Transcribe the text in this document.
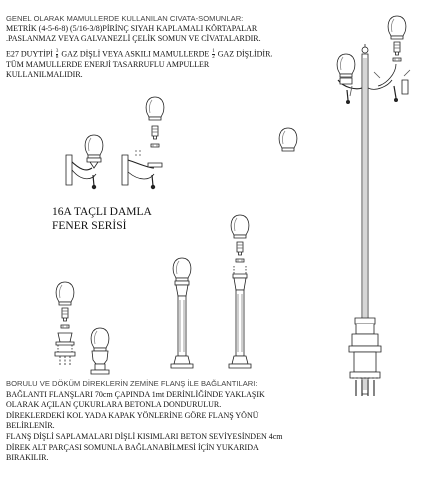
GENEL OLARAK MAMULLERDE KULLANILAN CIVATA-SOMUNLAR:
METRİK (4-5-6-8) (5/16-3/8)PİRİNÇ SIYAH KAPLAMALI KÖRTAPALAR
.PASLANMAZ VEYA GALVANEZLİ ÇELİK SOMUN VE CİVATALARDIR.
E27 DUYTİPİ $\frac{3}{8}$ GAZ DİŞLİ VEYA ASKILI MAMULLERDE $\frac{1}{2}$ GAZ DİŞLİDİR.
TÜM MAMULLERDE ENERJİ TASARRUFLU AMPULLER
KULLANILMALIDIR.
16A TAÇLI DAMLA
FENER SERİSİ
BORULU VE DÖKÜM DİREKLERİN ZEMİNE FLANŞ İLE BAĞLANTILARI:
BAĞLANTI FLANŞLARI 70cm ÇAPINDA 1mt DERİNLİĞİNDE YAKLAŞIK
OLARAK AÇILAN ÇUKURLARA BETONLA DONDURULUR.
DİREKLERDEKİ KOL YADA KAPAK YÖNLERİNE GÖRE FLANŞ YÖNÜ
BELİRLENİR.
FLANŞ DİŞLİ SAPLAMALARI DİŞLİ KISIMLARI BETON SEVİYESİNDEN 4cm
DİREK ALT PARÇASI SOMUNLA BAĞLANABİLMESİ İÇİN YUKARIDA
BIRAKILIR.
